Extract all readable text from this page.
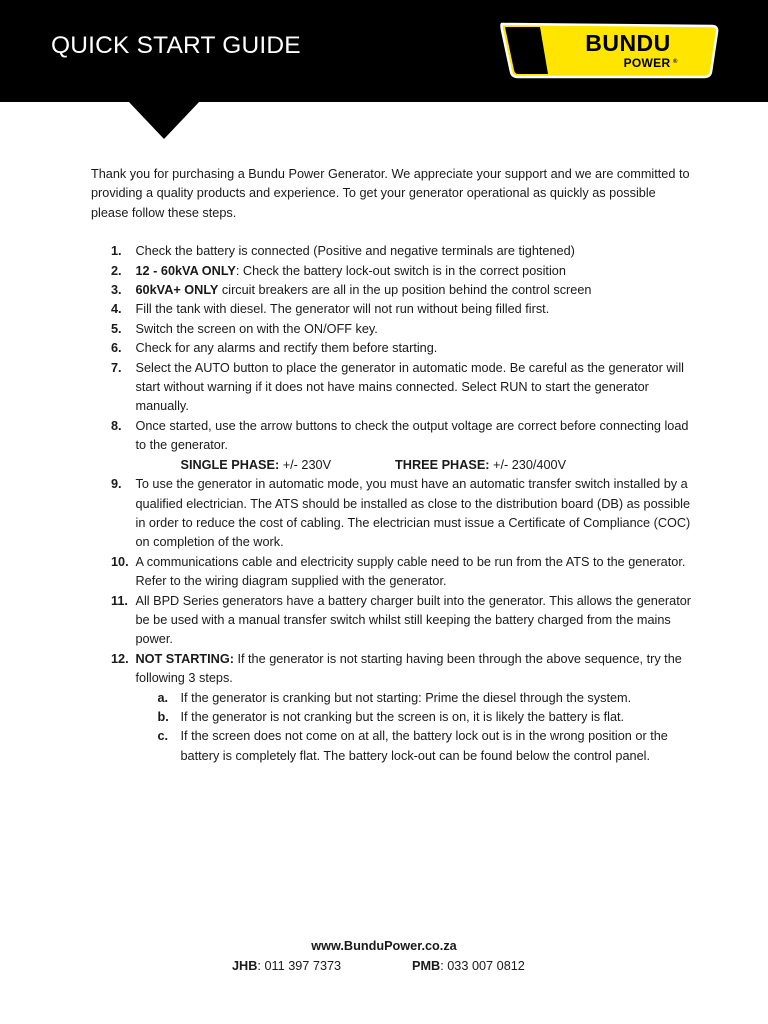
QUICK START GUIDE	BUNDU
POWER ®

Thank you for purchasing a Bundu Power Generator. We appreciate your support and we are committed to providing a quality products and experience. To get your generator operational as quickly as possible please follow these steps.

1. Check the battery is connected (Positive and negative terminals are tightened)
2. 12 - 60kVA ONLY: Check the battery lock-out switch is in the correct position
3. 60kVA+ ONLY circuit breakers are all in the up position behind the control screen
4. Fill the tank with diesel. The generator will not run without being filled first.
5. Switch the screen on with the ON/OFF key.
6. Check for any alarms and rectify them before starting.
7. Select the AUTO button to place the generator in automatic mode. Be careful as the generator will start without warning if it does not have mains connected. Select RUN to start the generator manually.
8. Once started, use the arrow buttons to check the output voltage are correct before connecting load to the generator.
SINGLE PHASE: +/- 230V	THREE PHASE: +/- 230/400V
9. To use the generator in automatic mode, you must have an automatic transfer switch installed by a qualified electrician. The ATS should be installed as close to the distribution board (DB) as possible in order to reduce the cost of cabling. The electrician must issue a Certificate of Compliance (COC) on completion of the work.
10. A communications cable and electricity supply cable need to be run from the ATS to the generator. Refer to the wiring diagram supplied with the generator.
11. All BPD Series generators have a battery charger built into the generator. This allows the generator be be used with a manual transfer switch whilst still keeping the battery charged from the mains power.
12. NOT STARTING: If the generator is not starting having been through the above sequence, try the following 3 steps.
a. If the generator is cranking but not starting: Prime the diesel through the system.
b. If the generator is not cranking but the screen is on, it is likely the battery is flat.
c. If the screen does not come on at all, the battery lock out is in the wrong position or the battery is completely flat. The battery lock-out can be found below the control panel.
www.BunduPower.co.za
JHB: 011 397 7373	PMB: 033 007 0812
